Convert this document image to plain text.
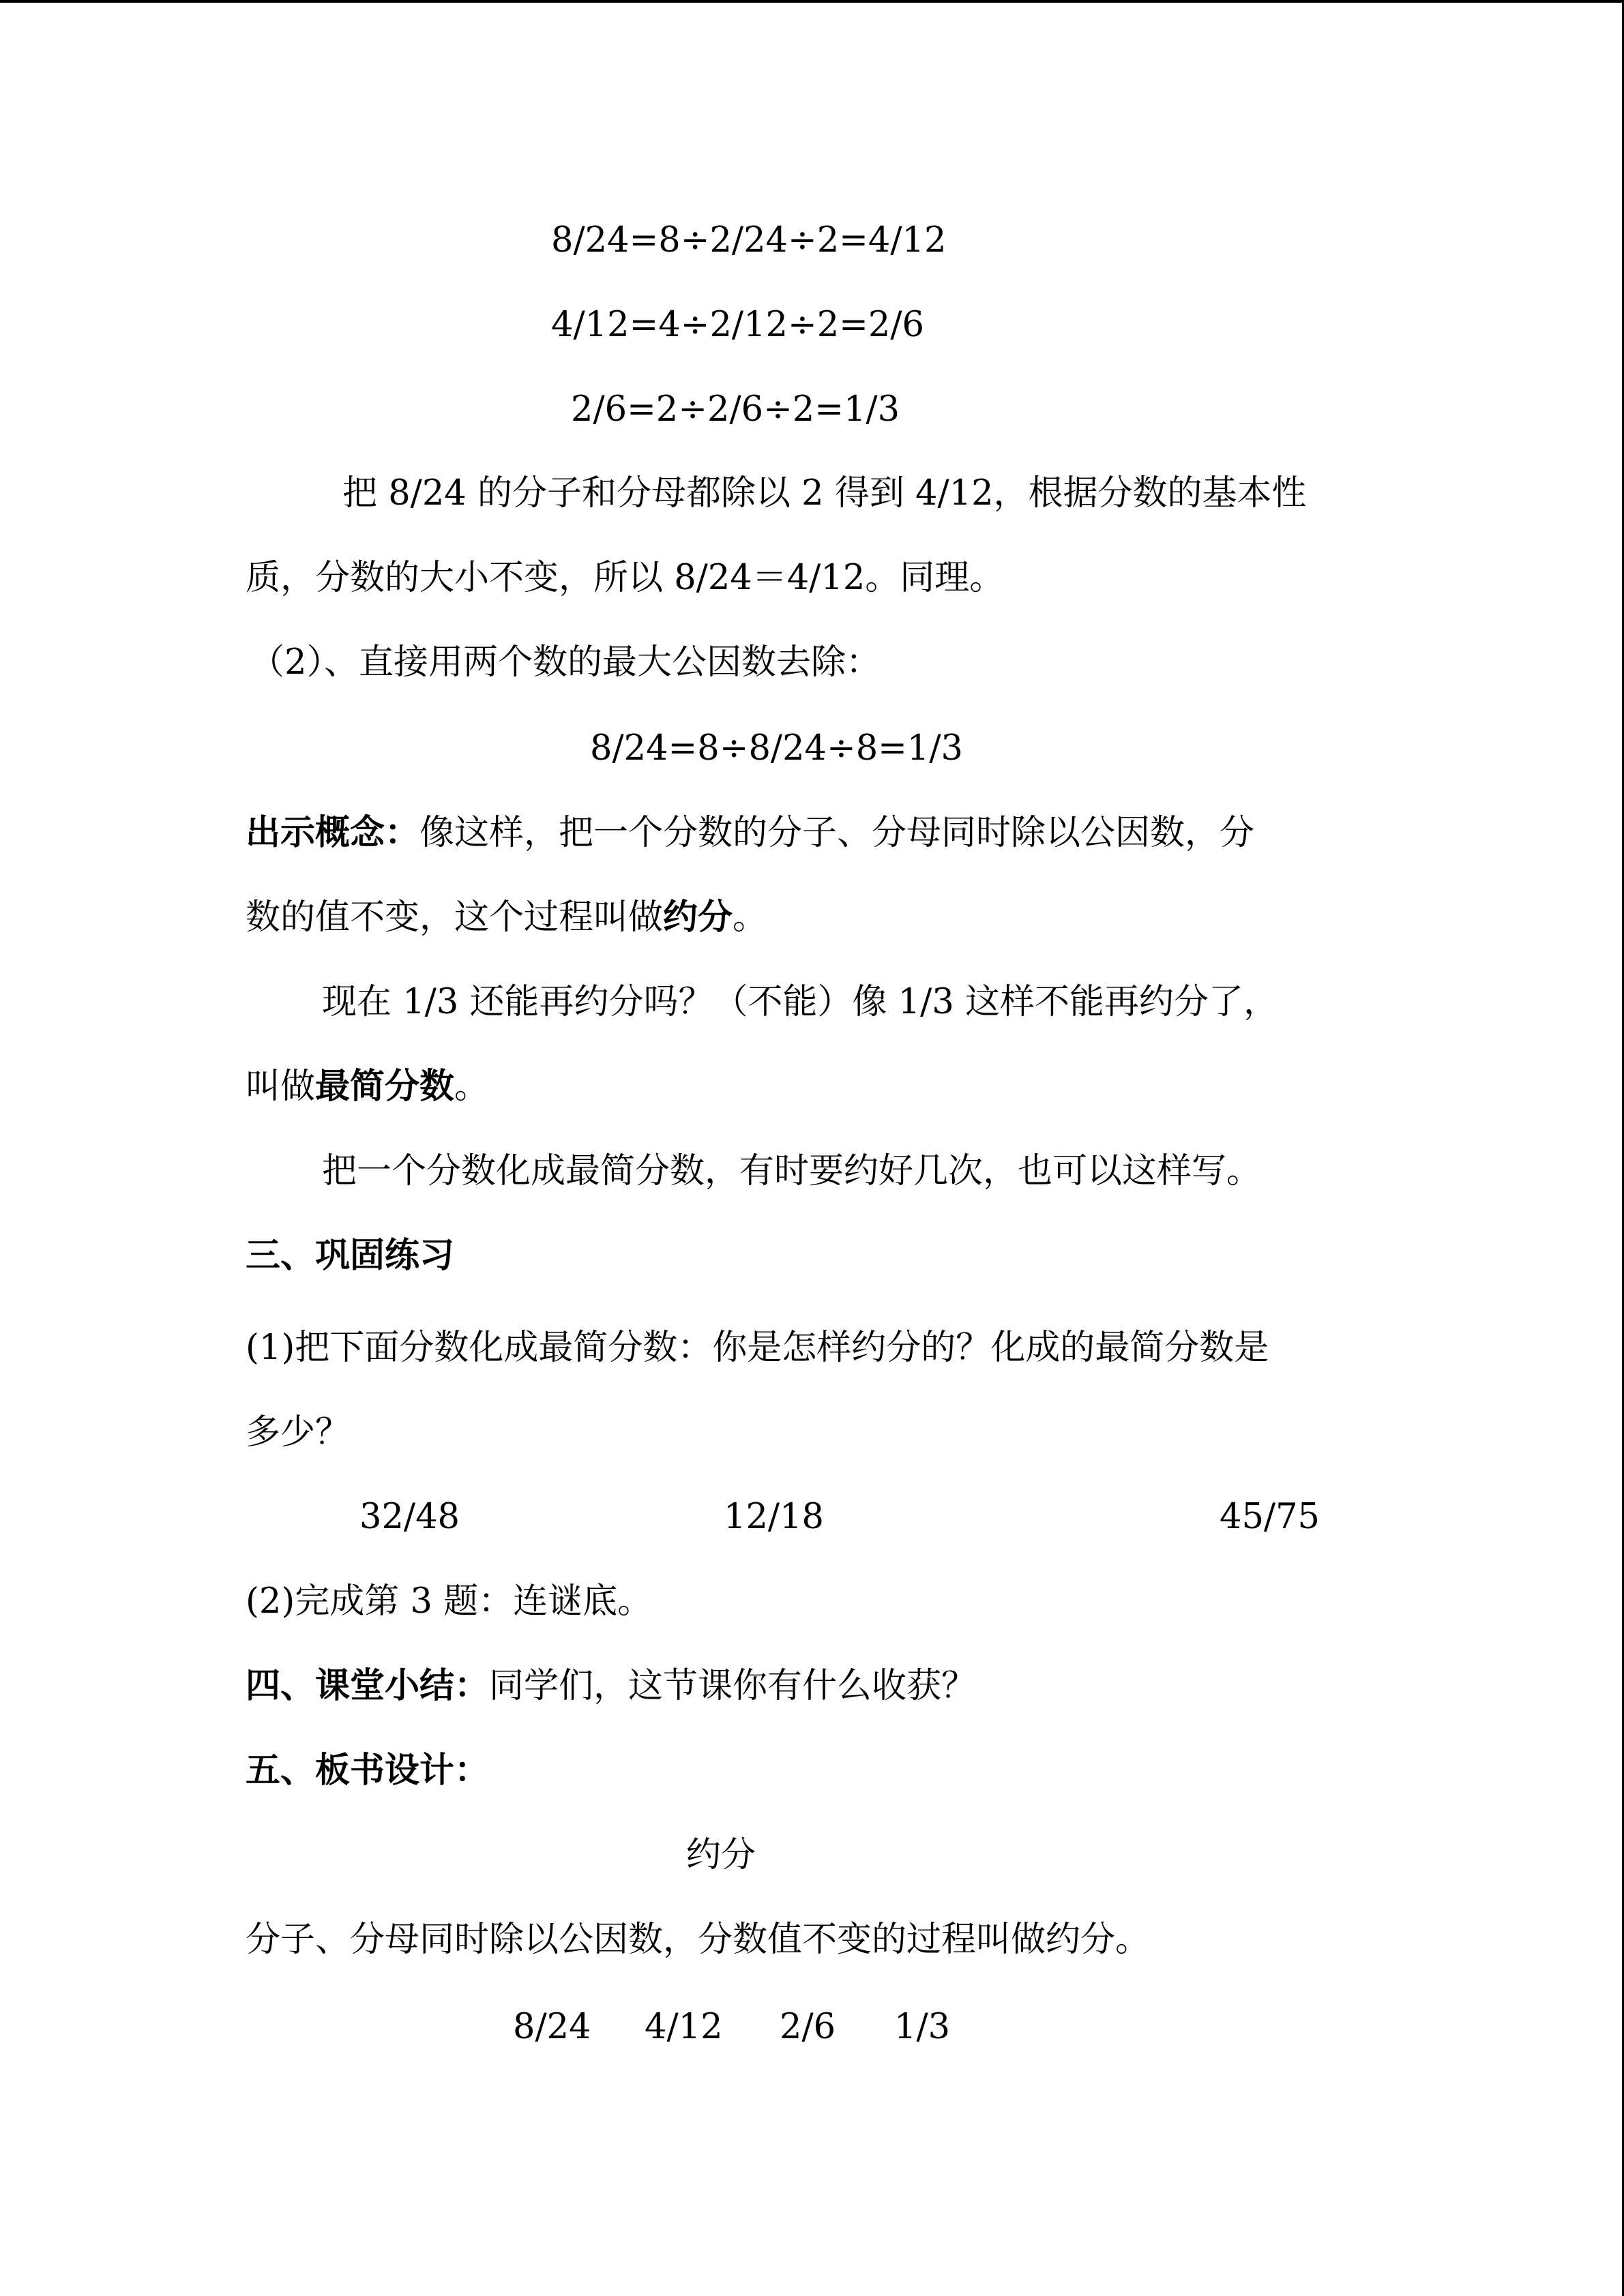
8/24=8÷2/24÷2=4/12
4/12=4÷2/12÷2=2/6
2/6=2÷2/6÷2=1/3
把 8/24 的分子和分母都除以 2 得到 4/12，根据分数的基本性
质，分数的大小不变，所以 8/24＝4/12。同理。
（2）、直接用两个数的最大公因数去除：
8/24=8÷8/24÷8=1/3
出示概念：像这样，把一个分数的分子、分母同时除以公因数，分
数的值不变，这个过程叫做约分。
现在 1/3 还能再约分吗？（不能）像 1/3 这样不能再约分了，
叫做最简分数。
把一个分数化成最简分数，有时要约好几次，也可以这样写。
三、巩固练习
(1)把下面分数化成最简分数：你是怎样约分的？化成的最简分数是
多少？
32/48	12/18	45/75
(2)完成第 3 题：连谜底。
四、课堂小结：同学们，这节课你有什么收获？
五、板书设计：
约分
分子、分母同时除以公因数，分数值不变的过程叫做约分。
8/24 4/12 2/6 1/3
